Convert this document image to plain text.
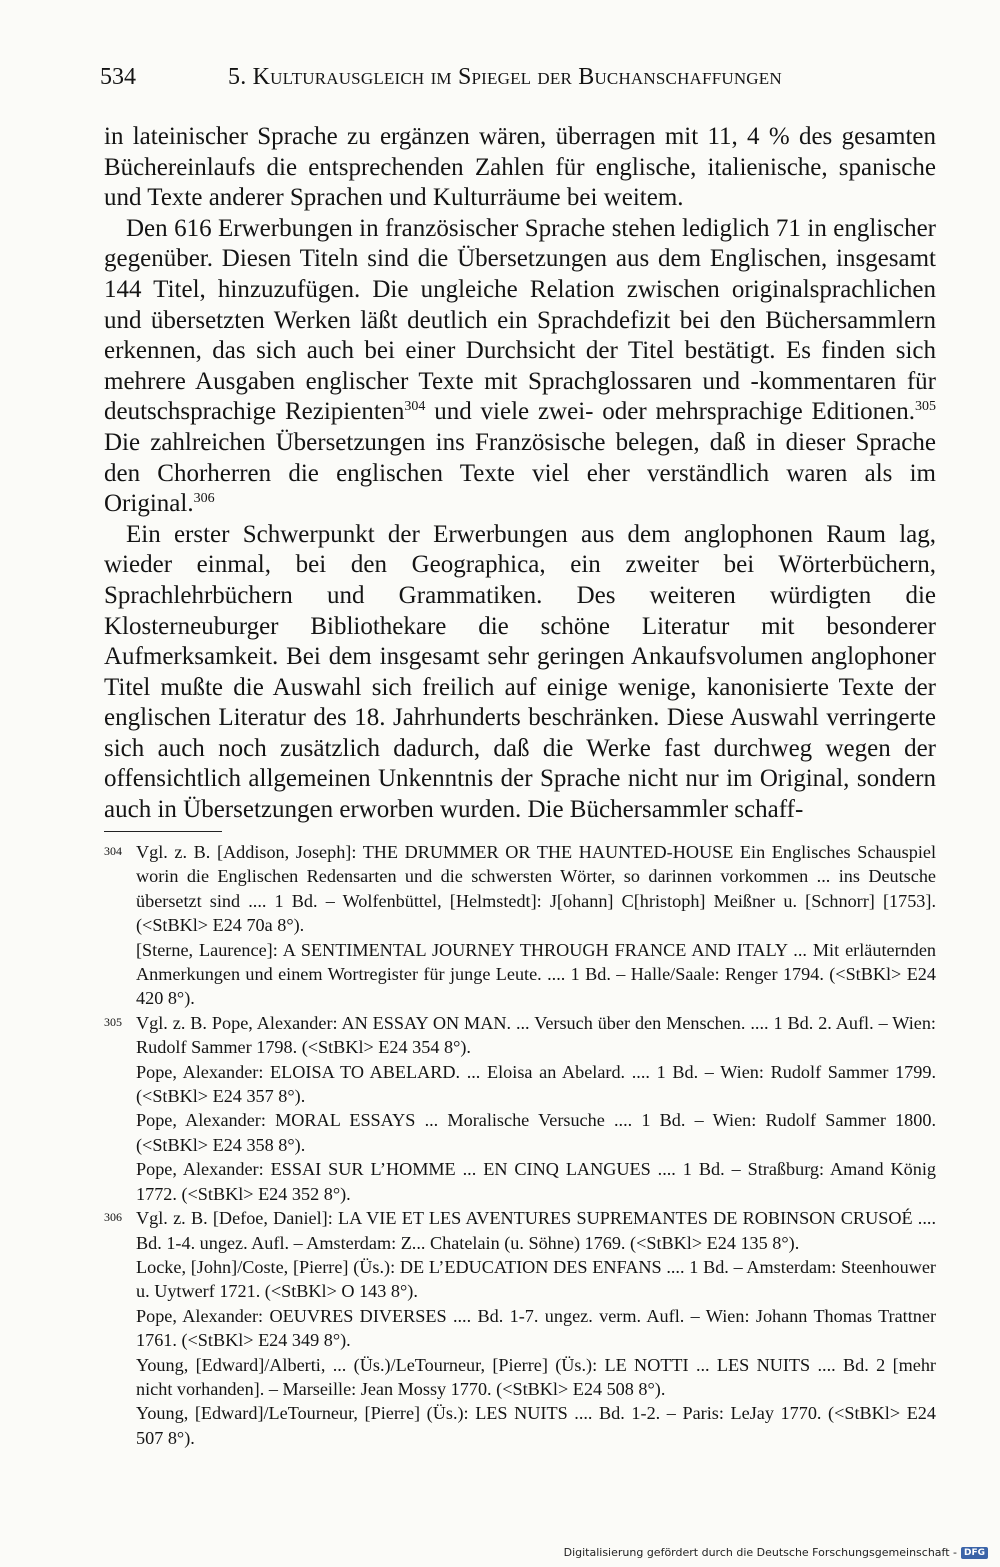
534	5. Kulturausgleich im Spiegel der Buchanschaffungen

in lateinischer Sprache zu ergänzen wären, überragen mit 11, 4 % des gesamten Büchereinlaufs die entsprechenden Zahlen für englische, italienische, spanische und Texte anderer Sprachen und Kulturräume bei weitem.

Den 616 Erwerbungen in französischer Sprache stehen lediglich 71 in englischer gegenüber. Diesen Titeln sind die Übersetzungen aus dem Englischen, insgesamt 144 Titel, hinzuzufügen. Die ungleiche Relation zwischen originalsprachlichen und übersetzten Werken läßt deutlich ein Sprachdefizit bei den Büchersammlern erkennen, das sich auch bei einer Durchsicht der Titel bestätigt. Es finden sich mehrere Ausgaben englischer Texte mit Sprachglossaren und -kommentaren für deutschsprachige Rezipienten$^{304}$ und viele zwei- oder mehrsprachige Editionen.$^{305}$ Die zahlreichen Übersetzungen ins Französische belegen, daß in dieser Sprache den Chorherren die englischen Texte viel eher verständlich waren als im Original.$^{306}$

Ein erster Schwerpunkt der Erwerbungen aus dem anglophonen Raum lag, wieder einmal, bei den Geographica, ein zweiter bei Wörterbüchern, Sprachlehrbüchern und Grammatiken. Des weiteren würdigten die Klosterneuburger Bibliothekare die schöne Literatur mit besonderer Aufmerksamkeit. Bei dem insgesamt sehr geringen Ankaufsvolumen anglophoner Titel mußte die Auswahl sich freilich auf einige wenige, kanonisierte Texte der englischen Literatur des 18. Jahrhunderts beschränken. Diese Auswahl verringerte sich auch noch zusätzlich dadurch, daß die Werke fast durchweg wegen der offensichtlich allgemeinen Unkenntnis der Sprache nicht nur im Original, sondern auch in Übersetzungen erworben wurden. Die Büchersammler schaff-

304 Vgl. z. B. [Addison, Joseph]: THE DRUMMER OR THE HAUNTED-HOUSE Ein Englisches Schauspiel worin die Englischen Redensarten und die schwersten Wörter, so darinnen vorkommen ... ins Deutsche übersetzt sind .... 1 Bd. – Wolfenbüttel, [Helmstedt]: J[ohann] C[hristoph] Meißner u. [Schnorr] [1753]. (<StBKl> E24 70a 8°).

[Sterne, Laurence]: A SENTIMENTAL JOURNEY THROUGH FRANCE AND ITALY ... Mit erläuternden Anmerkungen und einem Wortregister für junge Leute. .... 1 Bd. – Halle/Saale: Renger 1794. (<StBKl> E24 420 8°).

305 Vgl. z. B. Pope, Alexander: AN ESSAY ON MAN. ... Versuch über den Menschen. .... 1 Bd. 2. Aufl. – Wien: Rudolf Sammer 1798. (<StBKl> E24 354 8°).

Pope, Alexander: ELOISA TO ABELARD. ... Eloisa an Abelard. .... 1 Bd. – Wien: Rudolf Sammer 1799. (<StBKl> E24 357 8°).

Pope, Alexander: MORAL ESSAYS ... Moralische Versuche .... 1 Bd. – Wien: Rudolf Sammer 1800. (<StBKl> E24 358 8°).

Pope, Alexander: ESSAI SUR L’HOMME ... EN CINQ LANGUES .... 1 Bd. – Straßburg: Amand König 1772. (<StBKl> E24 352 8°).

306 Vgl. z. B. [Defoe, Daniel]: LA VIE ET LES AVENTURES SUPREMANTES DE ROBINSON CRUSOÉ .... Bd. 1-4. ungez. Aufl. – Amsterdam: Z... Chatelain (u. Söhne) 1769. (<StBKl> E24 135 8°).

Locke, [John]/Coste, [Pierre] (Üs.): DE L’EDUCATION DES ENFANS .... 1 Bd. – Amsterdam: Steenhouwer u. Uytwerf 1721. (<StBKl> O 143 8°).

Pope, Alexander: OEUVRES DIVERSES .... Bd. 1-7. ungez. verm. Aufl. – Wien: Johann Thomas Trattner 1761. (<StBKl> E24 349 8°).

Young, [Edward]/Alberti, ... (Üs.)/LeTourneur, [Pierre] (Üs.): LE NOTTI ... LES NUITS .... Bd. 2 [mehr nicht vorhanden]. – Marseille: Jean Mossy 1770. (<StBKl> E24 508 8°).

Young, [Edward]/LeTourneur, [Pierre] (Üs.): LES NUITS .... Bd. 1-2. – Paris: LeJay 1770. (<StBKl> E24 507 8°).

Digitalisierung gefördert durch die Deutsche Forschungsgemeinschaft - DFG
